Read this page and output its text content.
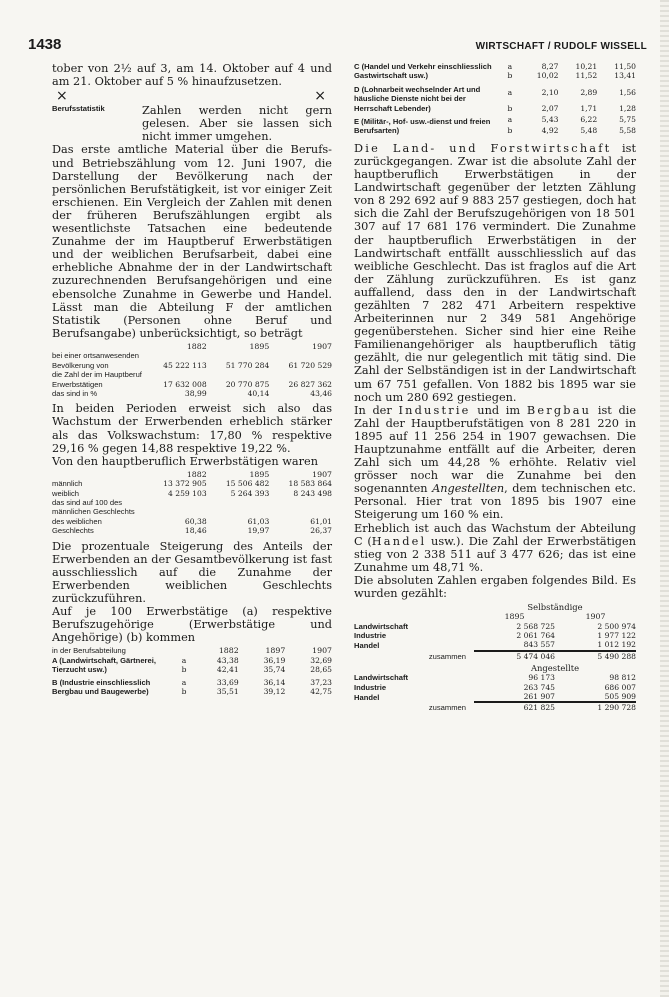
1438	WIRTSCHAFT / RUDOLF WISSELL

tober von 2½ auf 3, am 14. Oktober auf 4 und am 21. Oktober auf 5 % hinaufzusetzen.

×	×
Berufsstatistik	Zahlen werden nicht gern gelesen. Aber sie lassen sich nicht immer umgehen.

Das erste amtliche Material über die Berufs- und Betriebszählung vom 12. Juni 1907, die Darstellung der Bevölkerung nach der persönlichen Berufstätigkeit, ist vor einiger Zeit erschienen. Ein Vergleich der Zahlen mit denen der früheren Berufszählungen ergibt als wesentlichste Tatsachen eine bedeutende Zunahme der im Hauptberuf Erwerbstätigen und der weiblichen Berufsarbeit, dabei eine erhebliche Abnahme der in der Landwirtschaft zuzurechnenden Berufsangehörigen und eine ebensolche Zunahme in Gewerbe und Handel. Lässt man die Abteilung F der amtlichen Statistik (Personen ohne Beruf und Berufsangabe) unberücksichtigt, so beträgt

	1882	1895	1907
bei einer ortsanwesenden Bevölkerung von	45 222 113	51 770 284	61 720 529
die Zahl der im Hauptberuf Erwerbstätigen	17 632 008	20 770 875	26 827 362
das sind in %	38,99	40,14	43,46

In beiden Perioden erweist sich also das Wachstum der Erwerbenden erheblich stärker als das Volkswachstum: 17,80 % respektive 29,16 % gegen 14,88 respektive 19,22 %.

Von den hauptberuflich Erwerbstätigen waren

	1882	1895	1907
männlich	13 372 905	15 506 482	18 583 864
weiblich	4 259 103	5 264 393	8 243 498
das sind auf 100 des männlichen Geschlechts des weiblichen	60,38	61,03	61,01
Geschlechts	18,46	19,97	26,37

Die prozentuale Steigerung des Anteils der Erwerbenden an der Gesamtbevölkerung ist fast ausschliesslich auf die Zunahme der Erwerbenden weiblichen Geschlechts zurückzuführen.

Auf je 100 Erwerbstätige (a) respektive Berufszugehörige (Erwerbstätige und Angehörige) (b) kommen

in der Berufsabteilung		1882	1897	1907
A (Landwirtschaft, Gärtnerei, Tierzucht usw.)	a	43,38	36,19	32,69
	b	42,41	35,74	28,65
B (Industrie einschliesslich Bergbau und Baugewerbe)	a	33,69	36,14	37,23
	b	35,51	39,12	42,75
C (Handel und Verkehr einschliesslich Gastwirtschaft usw.)	a	8,27	10,21	11,50
	b	10,02	11,52	13,41
D (Lohnarbeit wechselnder Art und häusliche Dienste nicht bei der Herrschaft Lebender)	a	2,10	2,89	1,56
	b	2,07	1,71	1,28
E (Militär-, Hof- usw.-dienst und freien Berufsarten)	a	5,43	6,22	5,75
	b	4,92	5,48	5,58

Die Land- und Forstwirtschaft ist zurückgegangen. Zwar ist die absolute Zahl der hauptberuflich Erwerbstätigen in der Landwirtschaft gegenüber der letzten Zählung von 8 292 692 auf 9 883 257 gestiegen, doch hat sich die Zahl der Berufszugehörigen von 18 501 307 auf 17 681 176 vermindert. Die Zunahme der hauptberuflich Erwerbstätigen in der Landwirtschaft entfällt ausschliesslich auf das weibliche Geschlecht. Das ist fraglos auf die Art der Zählung zurückzuführen. Es ist ganz auffallend, dass den in der Landwirtschaft gezählten 7 282 471 Arbeitern respektive Arbeiterinnen nur 2 349 581 Angehörige gegenüberstehen. Sicher sind hier eine Reihe Familienangehöriger als hauptberuflich tätig gezählt, die nur gelegentlich mit tätig sind. Die Zahl der Selbständigen ist in der Landwirtschaft um 67 751 gefallen. Von 1882 bis 1895 war sie noch um 280 692 gestiegen.

In der Industrie und im Bergbau ist die Zahl der Hauptberufstätigen von 8 281 220 in 1895 auf 11 256 254 in 1907 gewachsen. Die Hauptzunahme entfällt auf die Arbeiter, deren Zahl sich um 44,28 % erhöhte. Relativ viel grösser noch war die Zunahme bei den sogenannten Angestellten, dem technischen etc. Personal. Hier trat von 1895 bis 1907 eine Steigerung um 160 % ein.

Erheblich ist auch das Wachstum der Abteilung C (Handel usw.). Die Zahl der Erwerbstätigen stieg von 2 338 511 auf 3 477 626; das ist eine Zunahme um 48,71 %.

Die absoluten Zahlen ergaben folgendes Bild. Es wurden gezählt:

	Selbständige	
	1895	1907
Landwirtschaft	2 568 725	2 500 974
Industrie	2 061 764	1 977 122
Handel	843 557	1 012 192
zusammen	5 474 046	5 490 288
	Angestellte	
Landwirtschaft	96 173	98 812
Industrie	263 745	686 007
Handel	261 907	505 909
zusammen	621 825	1 290 728
